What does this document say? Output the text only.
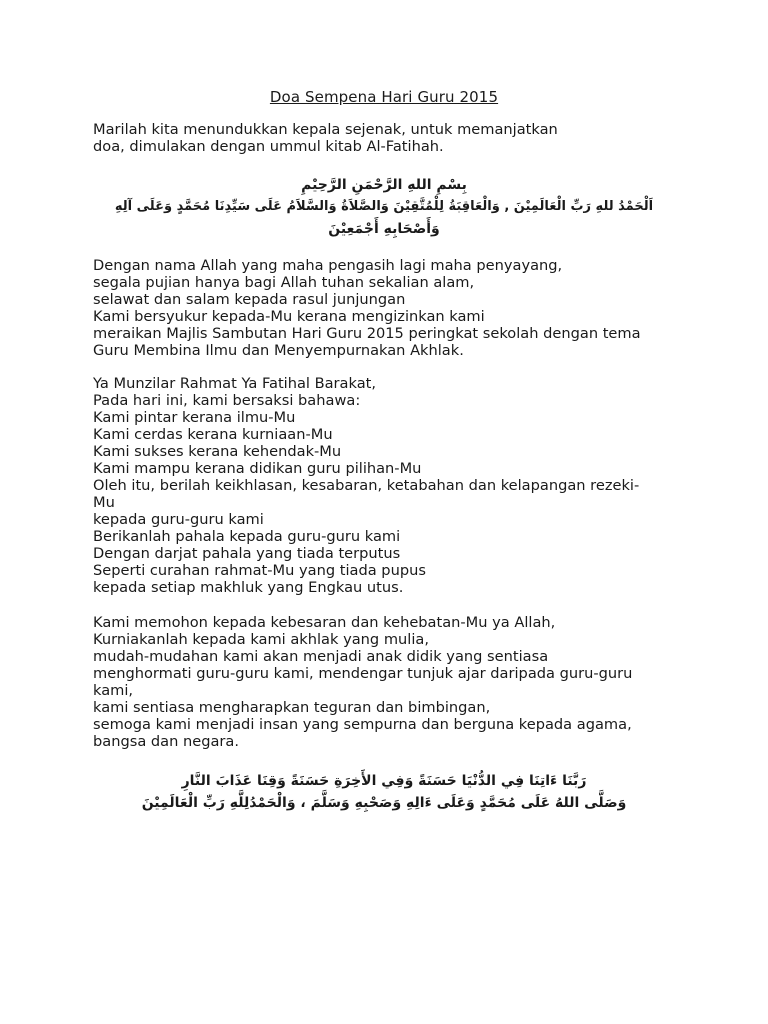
Doa Sempena Hari Guru 2015
Marilah kita menundukkan kepala sejenak, untuk memanjatkan
doa, dimulakan dengan ummul kitab Al-Fatihah.
بِسْمِ اللهِ الرَّحْمَنِ الرَّحِيْمِ
اَلْحَمْدُ للهِ رَبِّ الْعَالَمِيْنَ , وَالْعَاقِبَةُ لِلْمُتَّقِيْنَ وَالصَّلاَةُ وَالسَّلاَمُ عَلَى سَيِّدِنَا مُحَمَّدٍ وَعَلَى آلِهِ
وَأَصْحَابِهِ أَجْمَعِيْنَ
Dengan nama Allah yang maha pengasih lagi maha penyayang,
segala pujian hanya bagi Allah tuhan sekalian alam,
selawat dan salam kepada rasul junjungan
Kami bersyukur kepada-Mu kerana mengizinkan kami
meraikan Majlis Sambutan Hari Guru 2015 peringkat sekolah dengan tema
Guru Membina Ilmu dan Menyempurnakan Akhlak.
Ya Munzilar Rahmat Ya Fatihal Barakat,
Pada hari ini, kami bersaksi bahawa:
Kami pintar kerana ilmu-Mu
Kami cerdas kerana kurniaan-Mu
Kami sukses kerana kehendak-Mu
Kami mampu kerana didikan guru pilihan-Mu
Oleh itu, berilah keikhlasan, kesabaran, ketabahan dan kelapangan rezeki-
Mu
kepada guru-guru kami
Berikanlah pahala kepada guru-guru kami
Dengan darjat pahala yang tiada terputus
Seperti curahan rahmat-Mu yang tiada pupus
kepada setiap makhluk yang Engkau utus.
Kami memohon kepada kebesaran dan kehebatan-Mu ya Allah,
Kurniakanlah kepada kami akhlak yang mulia,
mudah-mudahan kami akan menjadi anak didik yang sentiasa
menghormati guru-guru kami, mendengar tunjuk ajar daripada guru-guru
kami,
kami sentiasa mengharapkan teguran dan bimbingan,
semoga kami menjadi insan yang sempurna dan berguna kepada agama,
bangsa dan negara.
رَبَّنَا ءَاتِنَا فِي الدُّنْيَا حَسَنَةً وَفِي الأَخِرَةِ حَسَنَةً وَقِنَا عَذَابَ النَّارِ
وَصَلَّى اللهُ عَلَى مُحَمَّدٍ وَعَلَى ءَالِهِ وَصَحْبِهِ وَسَلَّمَ ، وَالْحَمْدُلِلَّهِ رَبِّ الْعَالَمِيْنَ
